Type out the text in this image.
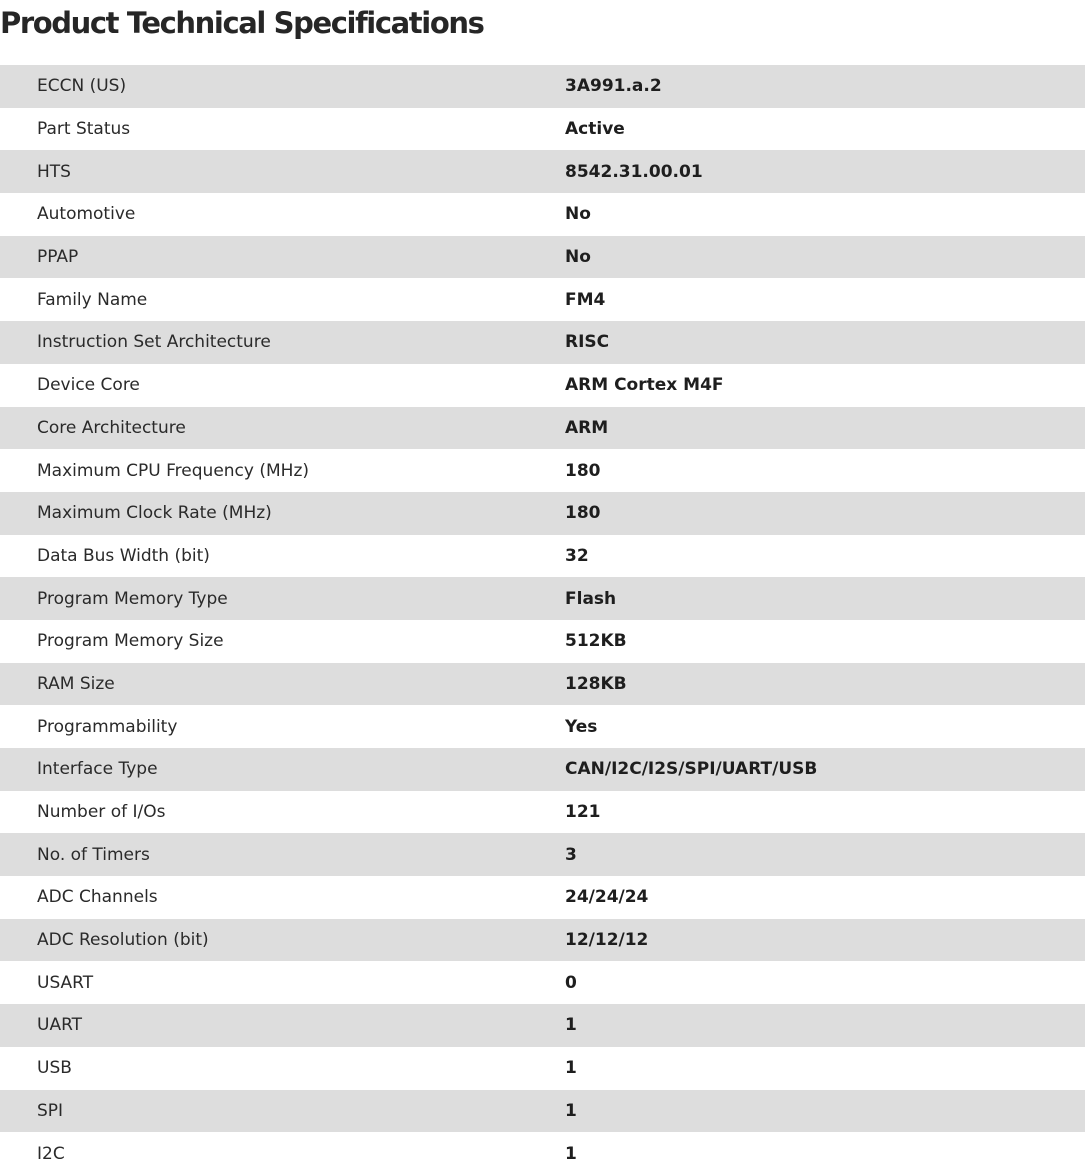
Product Technical Specifications
ECCN (US)	3A991.a.2
Part Status	Active
HTS	8542.31.00.01
Automotive	No
PPAP	No
Family Name	FM4
Instruction Set Architecture	RISC
Device Core	ARM Cortex M4F
Core Architecture	ARM
Maximum CPU Frequency (MHz)	180
Maximum Clock Rate (MHz)	180
Data Bus Width (bit)	32
Program Memory Type	Flash
Program Memory Size	512KB
RAM Size	128KB
Programmability	Yes
Interface Type	CAN/I2C/I2S/SPI/UART/USB
Number of I/Os	121
No. of Timers	3
ADC Channels	24/24/24
ADC Resolution (bit)	12/12/12
USART	0
UART	1
USB	1
SPI	1
I2C	1
